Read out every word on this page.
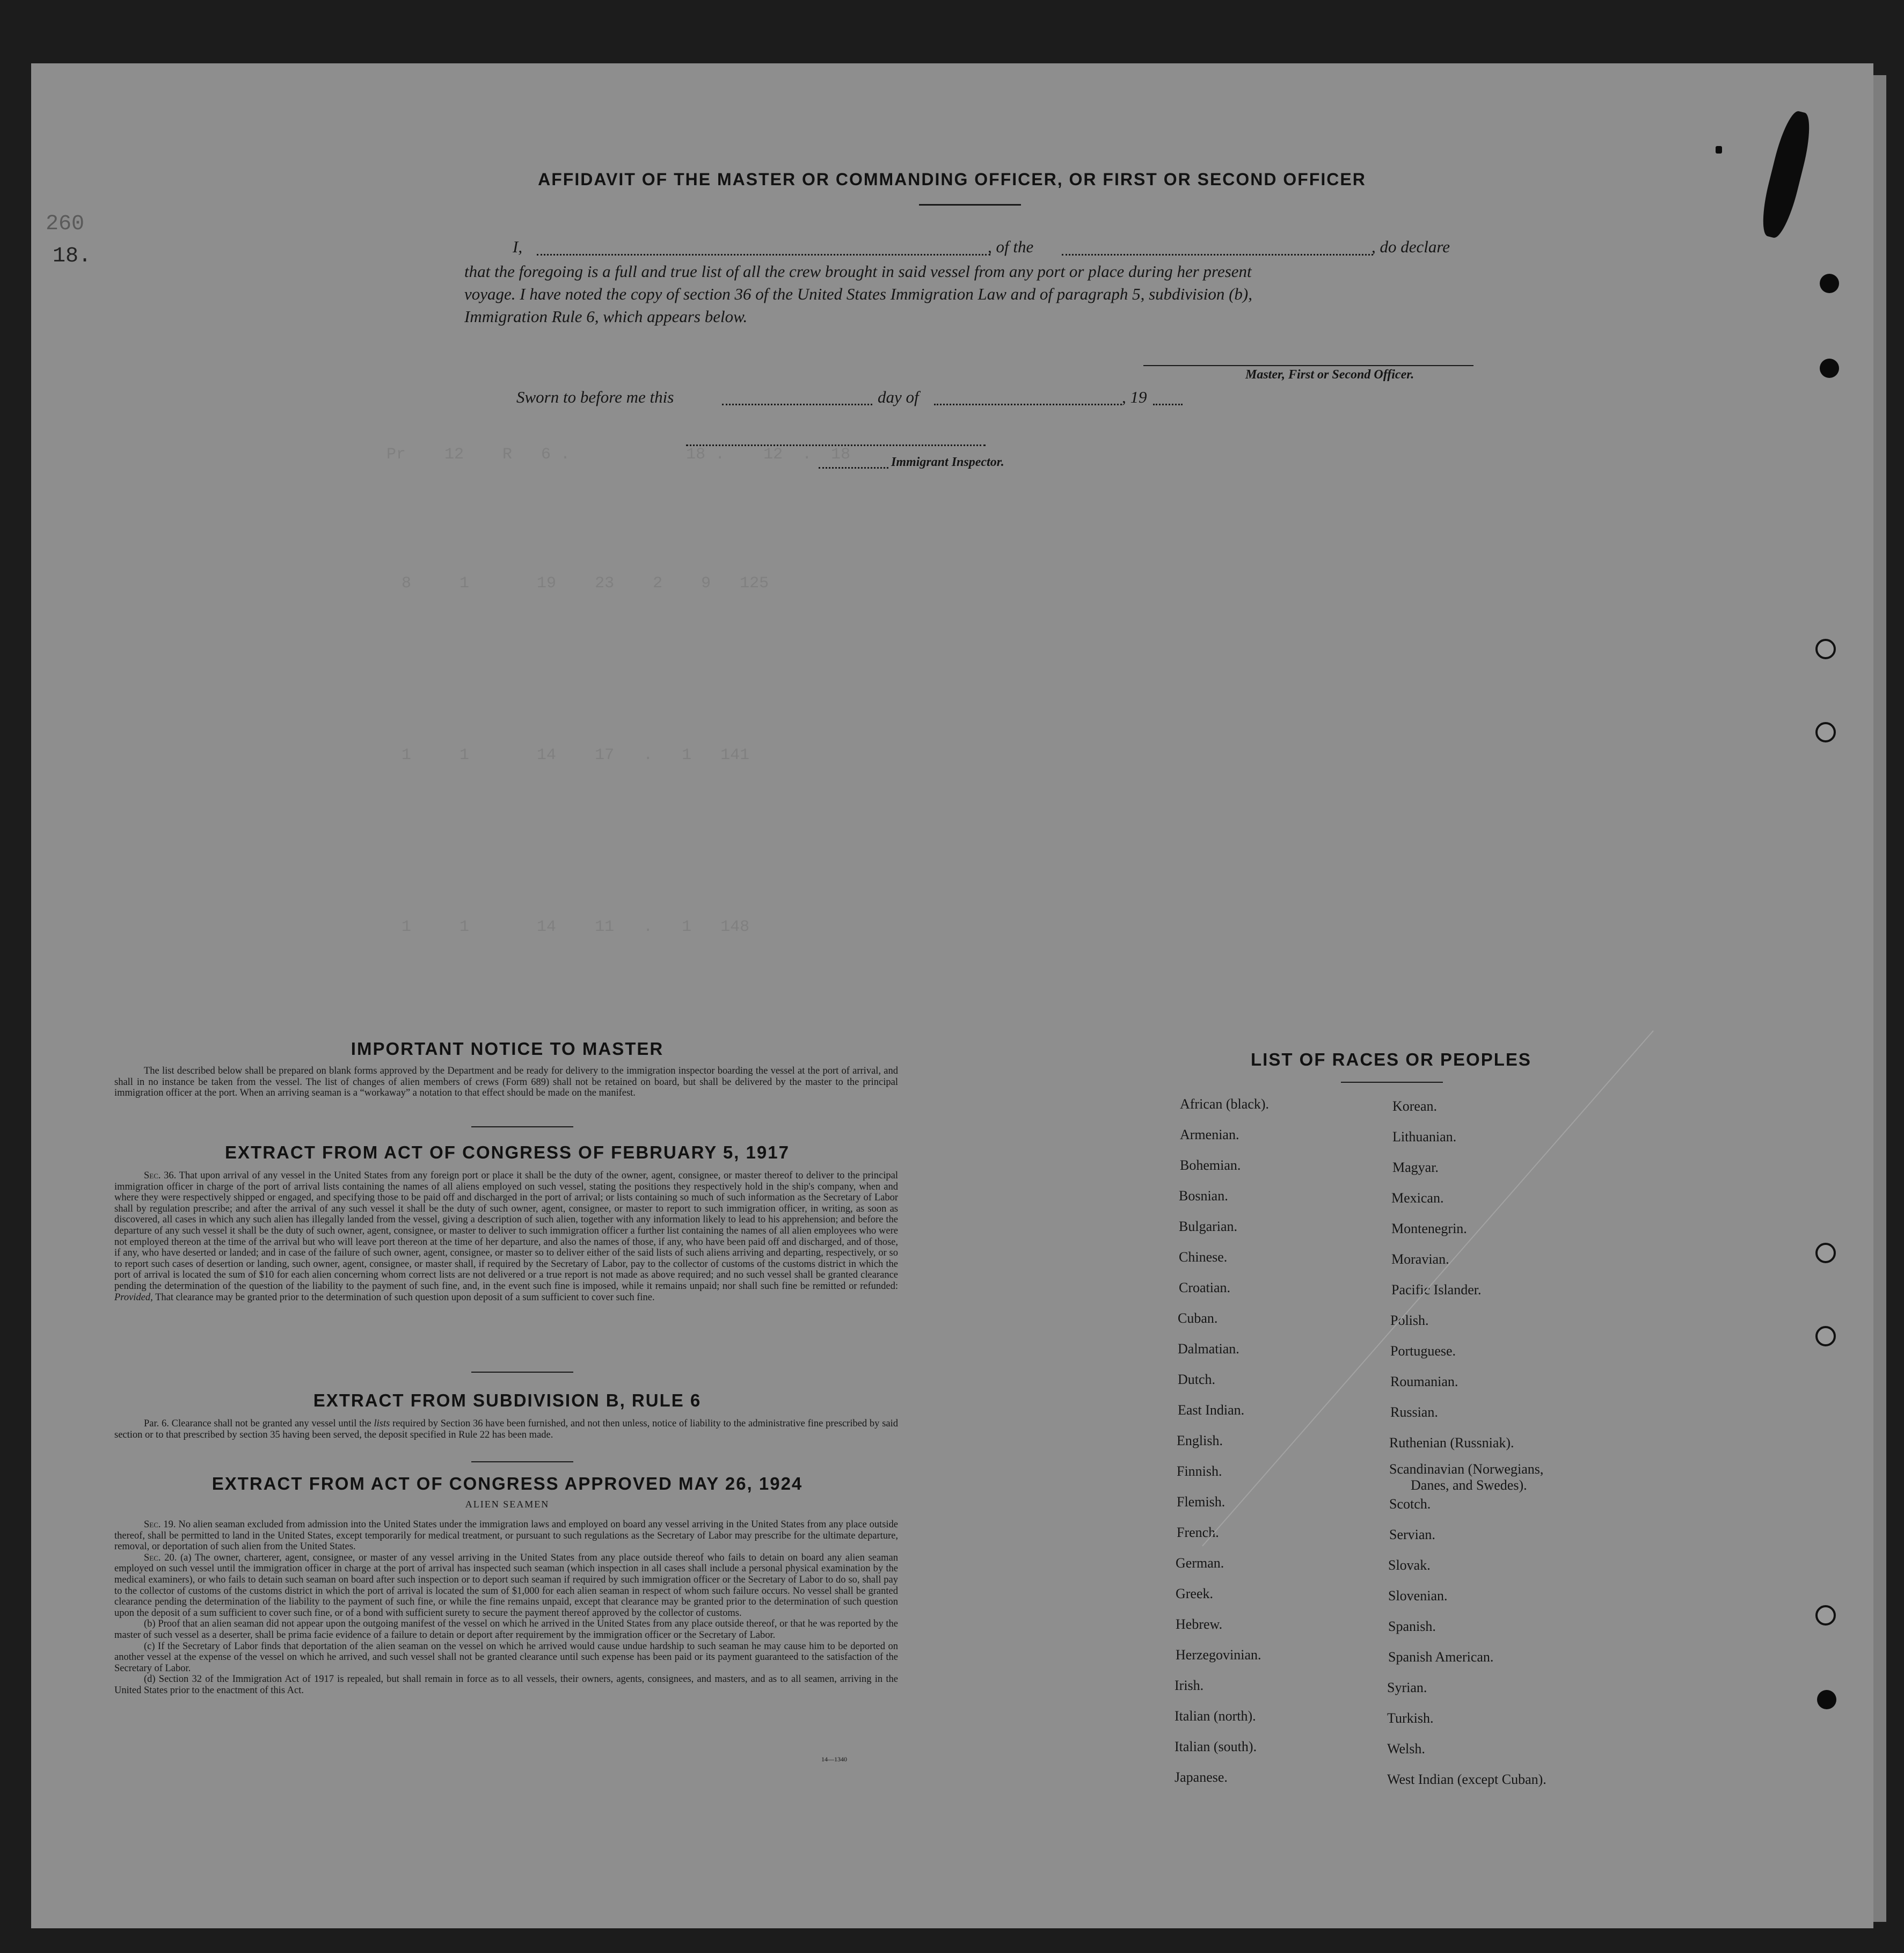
Pr    12    R   6 .            18 .    12  .  18
8     1       19    23    2    9   125
1     1       14    17   .   1   141
1     1       14    11   .   1   148
260
18.
AFFIDAVIT OF THE MASTER OR COMMANDING OFFICER, OR FIRST OR SECOND OFFICER
I,	, of the	, do declare
that the foregoing is a full and true list of all the crew brought in said vessel from any port or place during her present
voyage. I have noted the copy of section 36 of the United States Immigration Law and of paragraph 5, subdivision (b),
Immigration Rule 6, which appears below.
Master, First or Second Officer.
Sworn to before me this	day of	, 19
Immigrant Inspector.
IMPORTANT NOTICE TO MASTER
The list described below shall be prepared on blank forms approved by the Department and be ready for delivery to the immigration inspector boarding the vessel at the port of arrival, and shall in no instance be taken from the vessel. The list of changes of alien members of crews (Form 689) shall not be retained on board, but shall be delivered by the master to the principal immigration officer at the port. When an arriving seaman is a “workaway” a notation to that effect should be made on the manifest.
EXTRACT FROM ACT OF CONGRESS OF FEBRUARY 5, 1917
Sec. 36. That upon arrival of any vessel in the United States from any foreign port or place it shall be the duty of the owner, agent, consignee, or master thereof to deliver to the principal immigration officer in charge of the port of arrival lists containing the names of all aliens employed on such vessel, stating the positions they respectively hold in the ship's company, when and where they were respectively shipped or engaged, and specifying those to be paid off and discharged in the port of arrival; or lists containing so much of such information as the Secretary of Labor shall by regulation prescribe; and after the arrival of any such vessel it shall be the duty of such owner, agent, consignee, or master to report to such immigration officer, in writing, as soon as discovered, all cases in which any such alien has illegally landed from the vessel, giving a description of such alien, together with any information likely to lead to his apprehension; and before the departure of any such vessel it shall be the duty of such owner, agent, consignee, or master to deliver to such immigration officer a further list containing the names of all alien employees who were not employed thereon at the time of the arrival but who will leave port thereon at the time of her departure, and also the names of those, if any, who have been paid off and discharged, and of those, if any, who have deserted or landed; and in case of the failure of such owner, agent, consignee, or master so to deliver either of the said lists of such aliens arriving and departing, respectively, or so to report such cases of desertion or landing, such owner, agent, consignee, or master shall, if required by the Secretary of Labor, pay to the collector of customs of the customs district in which the port of arrival is located the sum of $10 for each alien concerning whom correct lists are not delivered or a true report is not made as above required; and no such vessel shall be granted clearance pending the determination of the question of the liability to the payment of such fine, and, in the event such fine is imposed, while it remains unpaid; nor shall such fine be remitted or refunded: Provided, That clearance may be granted prior to the determination of such question upon deposit of a sum sufficient to cover such fine.
EXTRACT FROM SUBDIVISION B, RULE 6
Par. 6. Clearance shall not be granted any vessel until the lists required by Section 36 have been furnished, and not then unless, notice of liability to the administrative fine prescribed by said section or to that prescribed by section 35 having been served, the deposit specified in Rule 22 has been made.
EXTRACT FROM ACT OF CONGRESS APPROVED MAY 26, 1924
ALIEN SEAMEN
Sec. 19. No alien seaman excluded from admission into the United States under the immigration laws and employed on board any vessel arriving in the United States from any place outside thereof, shall be permitted to land in the United States, except temporarily for medical treatment, or pursuant to such regulations as the Secretary of Labor may prescribe for the ultimate departure, removal, or deportation of such alien from the United States.
Sec. 20. (a) The owner, charterer, agent, consignee, or master of any vessel arriving in the United States from any place outside thereof who fails to detain on board any alien seaman employed on such vessel until the immigration officer in charge at the port of arrival has inspected such seaman (which inspection in all cases shall include a personal physical examination by the medical examiners), or who fails to detain such seaman on board after such inspection or to deport such seaman if required by such immigration officer or the Secretary of Labor to do so, shall pay to the collector of customs of the customs district in which the port of arrival is located the sum of $1,000 for each alien seaman in respect of whom such failure occurs. No vessel shall be granted clearance pending the determination of the liability to the payment of such fine, or while the fine remains unpaid, except that clearance may be granted prior to the determination of such question upon the deposit of a sum sufficient to cover such fine, or of a bond with sufficient surety to secure the payment thereof approved by the collector of customs.
(b) Proof that an alien seaman did not appear upon the outgoing manifest of the vessel on which he arrived in the United States from any place outside thereof, or that he was reported by the master of such vessel as a deserter, shall be prima facie evidence of a failure to detain or deport after requirement by the immigration officer or the Secretary of Labor.
(c) If the Secretary of Labor finds that deportation of the alien seaman on the vessel on which he arrived would cause undue hardship to such seaman he may cause him to be deported on another vessel at the expense of the vessel on which he arrived, and such vessel shall not be granted clearance until such expense has been paid or its payment guaranteed to the satisfaction of the Secretary of Labor.
(d) Section 32 of the Immigration Act of 1917 is repealed, but shall remain in force as to all vessels, their owners, agents, consignees, and masters, and as to all seamen, arriving in the United States prior to the enactment of this Act.
14—1340
LIST OF RACES OR PEOPLES
African (black).
Armenian.
Bohemian.
Bosnian.
Bulgarian.
Chinese.
Croatian.
Cuban.
Dalmatian.
Dutch.
East Indian.
English.
Finnish.
Flemish.
French.
German.
Greek.
Hebrew.
Herzegovinian.
Irish.
Italian (north).
Italian (south).
Japanese.
Korean.
Lithuanian.
Magyar.
Mexican.
Montenegrin.
Moravian.
Pacific Islander.
Polish.
Portuguese.
Roumanian.
Russian.
Ruthenian (Russniak).
Scandinavian (Norwegians,
Danes, and Swedes).
Scotch.
Servian.
Slovak.
Slovenian.
Spanish.
Spanish American.
Syrian.
Turkish.
Welsh.
West Indian (except Cuban).
